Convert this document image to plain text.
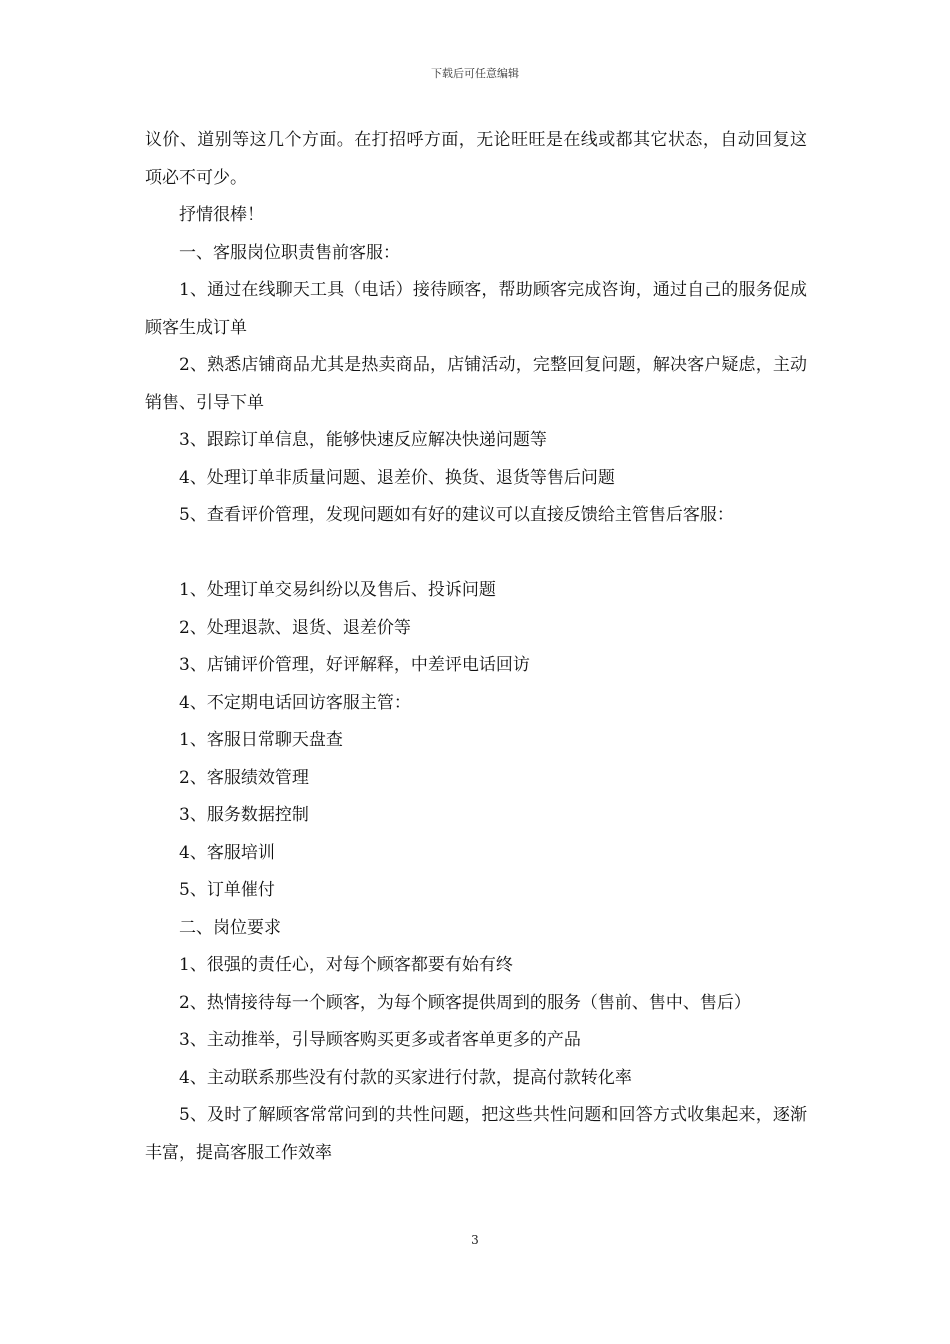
下载后可任意编辑

议价、道别等这几个方面。在打招呼方面，无论旺旺是在线或都其它状态，自动回复这项必不可少。

抒情很棒！

一、客服岗位职责售前客服：

1、通过在线聊天工具（电话）接待顾客，帮助顾客完成咨询，通过自己的服务促成顾客生成订单

2、熟悉店铺商品尤其是热卖商品，店铺活动，完整回复问题，解决客户疑虑，主动销售、引导下单

3、跟踪订单信息，能够快速反应解决快递问题等

4、处理订单非质量问题、退差价、换货、退货等售后问题

5、查看评价管理，发现问题如有好的建议可以直接反馈给主管售后客服：

1、处理订单交易纠纷以及售后、投诉问题

2、处理退款、退货、退差价等

3、店铺评价管理，好评解释，中差评电话回访

4、不定期电话回访客服主管：

1、客服日常聊天盘查

2、客服绩效管理

3、服务数据控制

4、客服培训

5、订单催付

二、岗位要求

1、很强的责任心，对每个顾客都要有始有终

2、热情接待每一个顾客，为每个顾客提供周到的服务（售前、售中、售后）

3、主动推举，引导顾客购买更多或者客单更多的产品

4、主动联系那些没有付款的买家进行付款，提高付款转化率

5、及时了解顾客常常问到的共性问题，把这些共性问题和回答方式收集起来，逐渐丰富，提高客服工作效率

3
